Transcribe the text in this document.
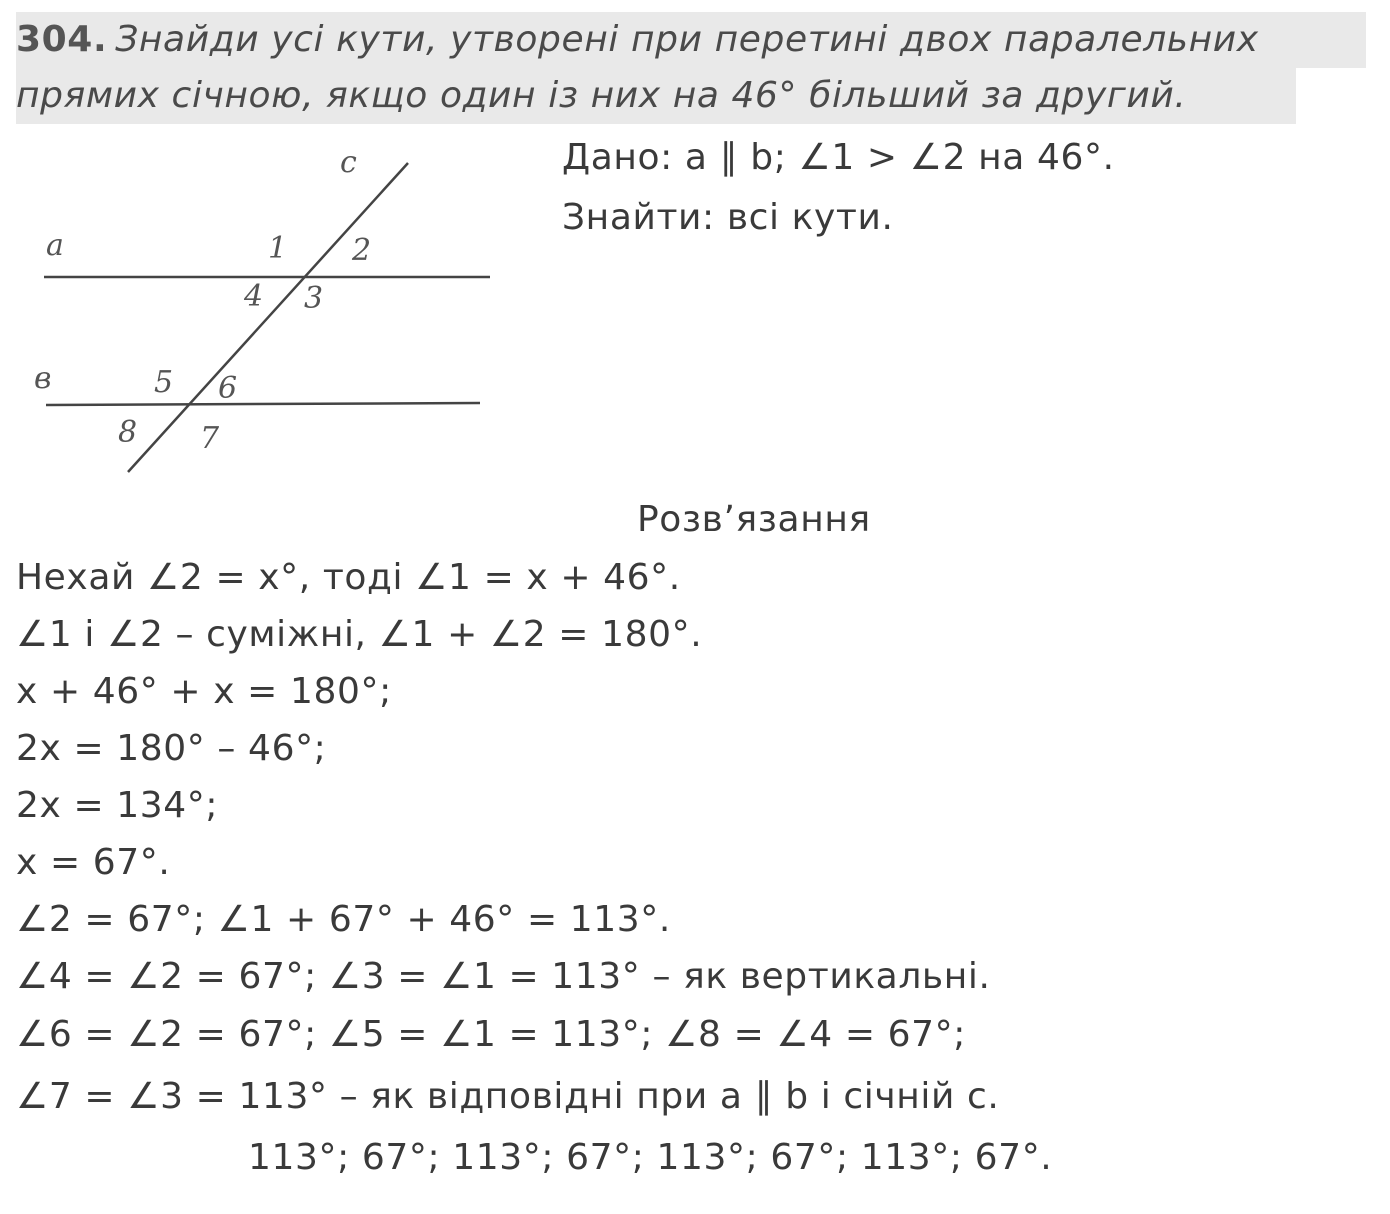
304. Знайди усі кути, утворені при перетині двох паралельних
прямих січною, якщо один із них на 46° більший за другий.
c
a
в
1 2
3
4
5 6
7
8
Дано: a ∥ b; ∠1 > ∠2 на 46°.
Знайти: всі кути.
Розв’язання
Нехай ∠2 = x°, тоді ∠1 = x + 46°.
∠1 і ∠2 – суміжні, ∠1 + ∠2 = 180°.
x + 46° + x = 180°;
2x = 180° – 46°;
2x = 134°;
x = 67°.
∠2 = 67°; ∠1 + 67° + 46° = 113°.
∠4 = ∠2 = 67°; ∠3 = ∠1 = 113° – як вертикальні.
∠6 = ∠2 = 67°; ∠5 = ∠1 = 113°; ∠8 = ∠4 = 67°;
∠7 = ∠3 = 113° – як відповідні при a ∥ b і січній c.
113°; 67°; 113°; 67°; 113°; 67°; 113°; 67°.
